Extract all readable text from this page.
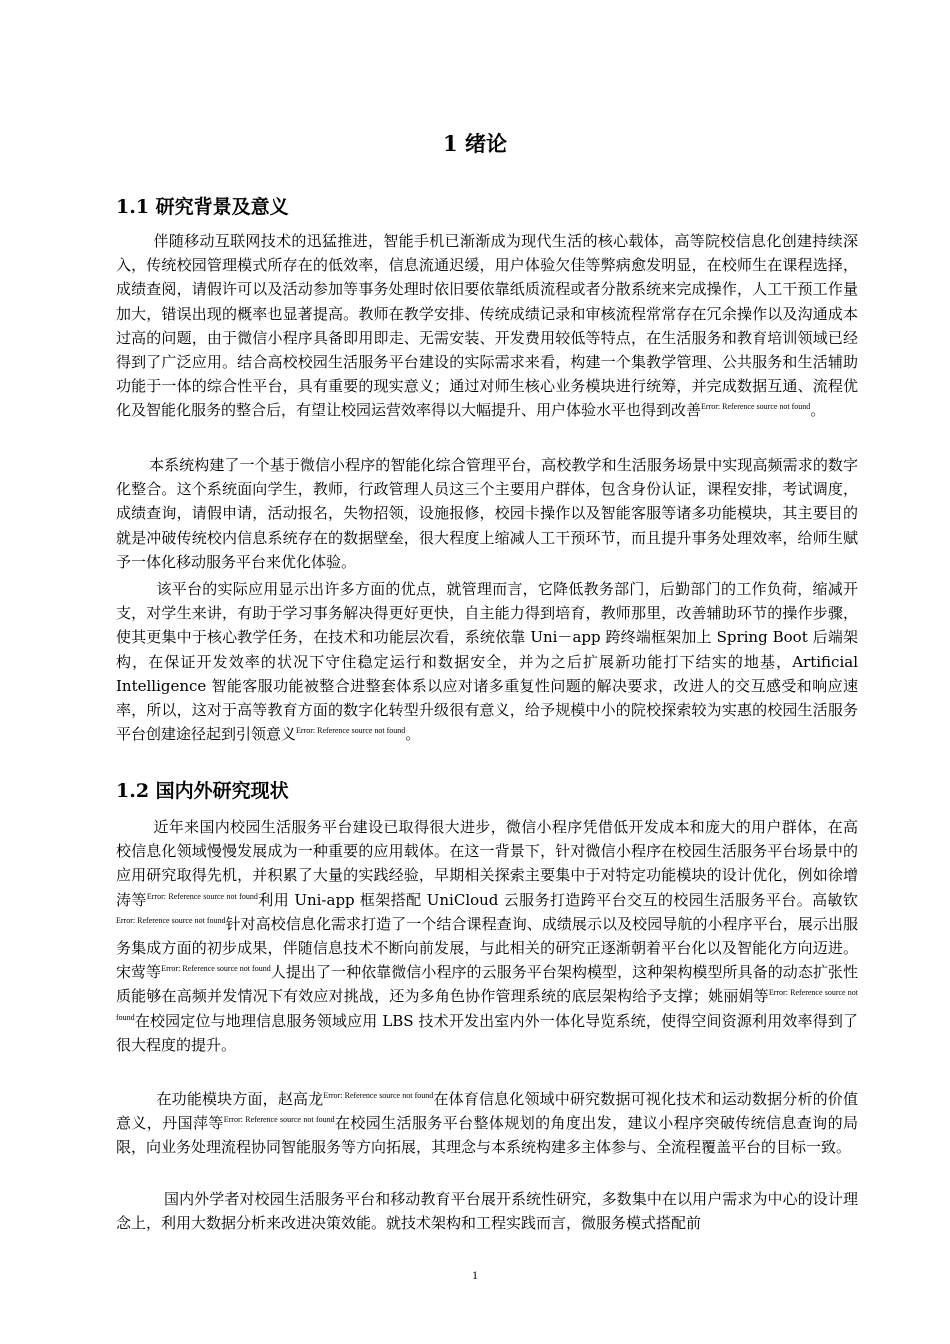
1 绪论
1.1 研究背景及意义

伴随移动互联网技术的迅猛推进，智能手机已渐渐成为现代生活的核心载体，高等院校信息化创建持续深入，传统校园管理模式所存在的低效率，信息流通迟缓，用户体验欠佳等弊病愈发明显，在校师生在课程选择，成绩查阅，请假许可以及活动参加等事务处理时依旧要依靠纸质流程或者分散系统来完成操作，人工干预工作量加大，错误出现的概率也显著提高。教师在教学安排、传统成绩记录和审核流程常常存在冗余操作以及沟通成本过高的问题，由于微信小程序具备即用即走、无需安装、开发费用较低等特点，在生活服务和教育培训领域已经得到了广泛应用。结合高校校园生活服务平台建设的实际需求来看，构建一个集教学管理、公共服务和生活辅助功能于一体的综合性平台，具有重要的现实意义；通过对师生核心业务模块进行统筹，并完成数据互通、流程优化及智能化服务的整合后，有望让校园运营效率得以大幅提升、用户体验水平也得到改善$^{Error: Reference source not found}$。

本系统构建了一个基于微信小程序的智能化综合管理平台，高校教学和生活服务场景中实现高频需求的数字化整合。这个系统面向学生，教师，行政管理人员这三个主要用户群体，包含身份认证，课程安排，考试调度，成绩查询，请假申请，活动报名，失物招领，设施报修，校园卡操作以及智能客服等诸多功能模块，其主要目的就是冲破传统校内信息系统存在的数据壁垒，很大程度上缩减人工干预环节，而且提升事务处理效率，给师生赋予一体化移动服务平台来优化体验。

该平台的实际应用显示出许多方面的优点，就管理而言，它降低教务部门，后勤部门的工作负荷，缩减开支，对学生来讲，有助于学习事务解决得更好更快，自主能力得到培育，教师那里，改善辅助环节的操作步骤，使其更集中于核心教学任务，在技术和功能层次看，系统依靠 Uni－app 跨终端框架加上 Spring Boot 后端架构，在保证开发效率的状况下守住稳定运行和数据安全，并为之后扩展新功能打下结实的地基，Artificial Intelligence 智能客服功能被整合进整套体系以应对诸多重复性问题的解决要求，改进人的交互感受和响应速率，所以，这对于高等教育方面的数字化转型升级很有意义，给予规模中小的院校探索较为实惠的校园生活服务平台创建途径起到引领意义$^{Error: Reference source not found}$。

1.2 国内外研究现状

近年来国内校园生活服务平台建设已取得很大进步，微信小程序凭借低开发成本和庞大的用户群体，在高校信息化领域慢慢发展成为一种重要的应用载体。在这一背景下，针对微信小程序在校园生活服务平台场景中的应用研究取得先机，并积累了大量的实践经验，早期相关探索主要集中于对特定功能模块的设计优化，例如徐增涛等$^{Error: Reference source not found}$利用 Uni-app 框架搭配 UniCloud 云服务打造跨平台交互的校园生活服务平台。高敏钦$^{Error: Reference source not found}$针对高校信息化需求打造了一个结合课程查询、成绩展示以及校园导航的小程序平台，展示出服务集成方面的初步成果，伴随信息技术不断向前发展，与此相关的研究正逐渐朝着平台化以及智能化方向迈进。宋莺等$^{Error: Reference source not found}$人提出了一种依靠微信小程序的云服务平台架构模型，这种架构模型所具备的动态扩张性质能够在高频并发情况下有效应对挑战，还为多角色协作管理系统的底层架构给予支撑；姚丽娟等$^{Error: Reference source not found}$在校园定位与地理信息服务领域应用 LBS 技术开发出室内外一体化导览系统，使得空间资源利用效率得到了很大程度的提升。

在功能模块方面，赵高龙$^{Error: Reference source not found}$在体育信息化领域中研究数据可视化技术和运动数据分析的价值意义，丹国萍等$^{Error: Reference source not found}$在校园生活服务平台整体规划的角度出发，建议小程序突破传统信息查询的局限，向业务处理流程协同智能服务等方向拓展，其理念与本系统构建多主体参与、全流程覆盖平台的目标一致。

国内外学者对校园生活服务平台和移动教育平台展开系统性研究，多数集中在以用户需求为中心的设计理念上，利用大数据分析来改进决策效能。就技术架构和工程实践而言，微服务模式搭配前

1
